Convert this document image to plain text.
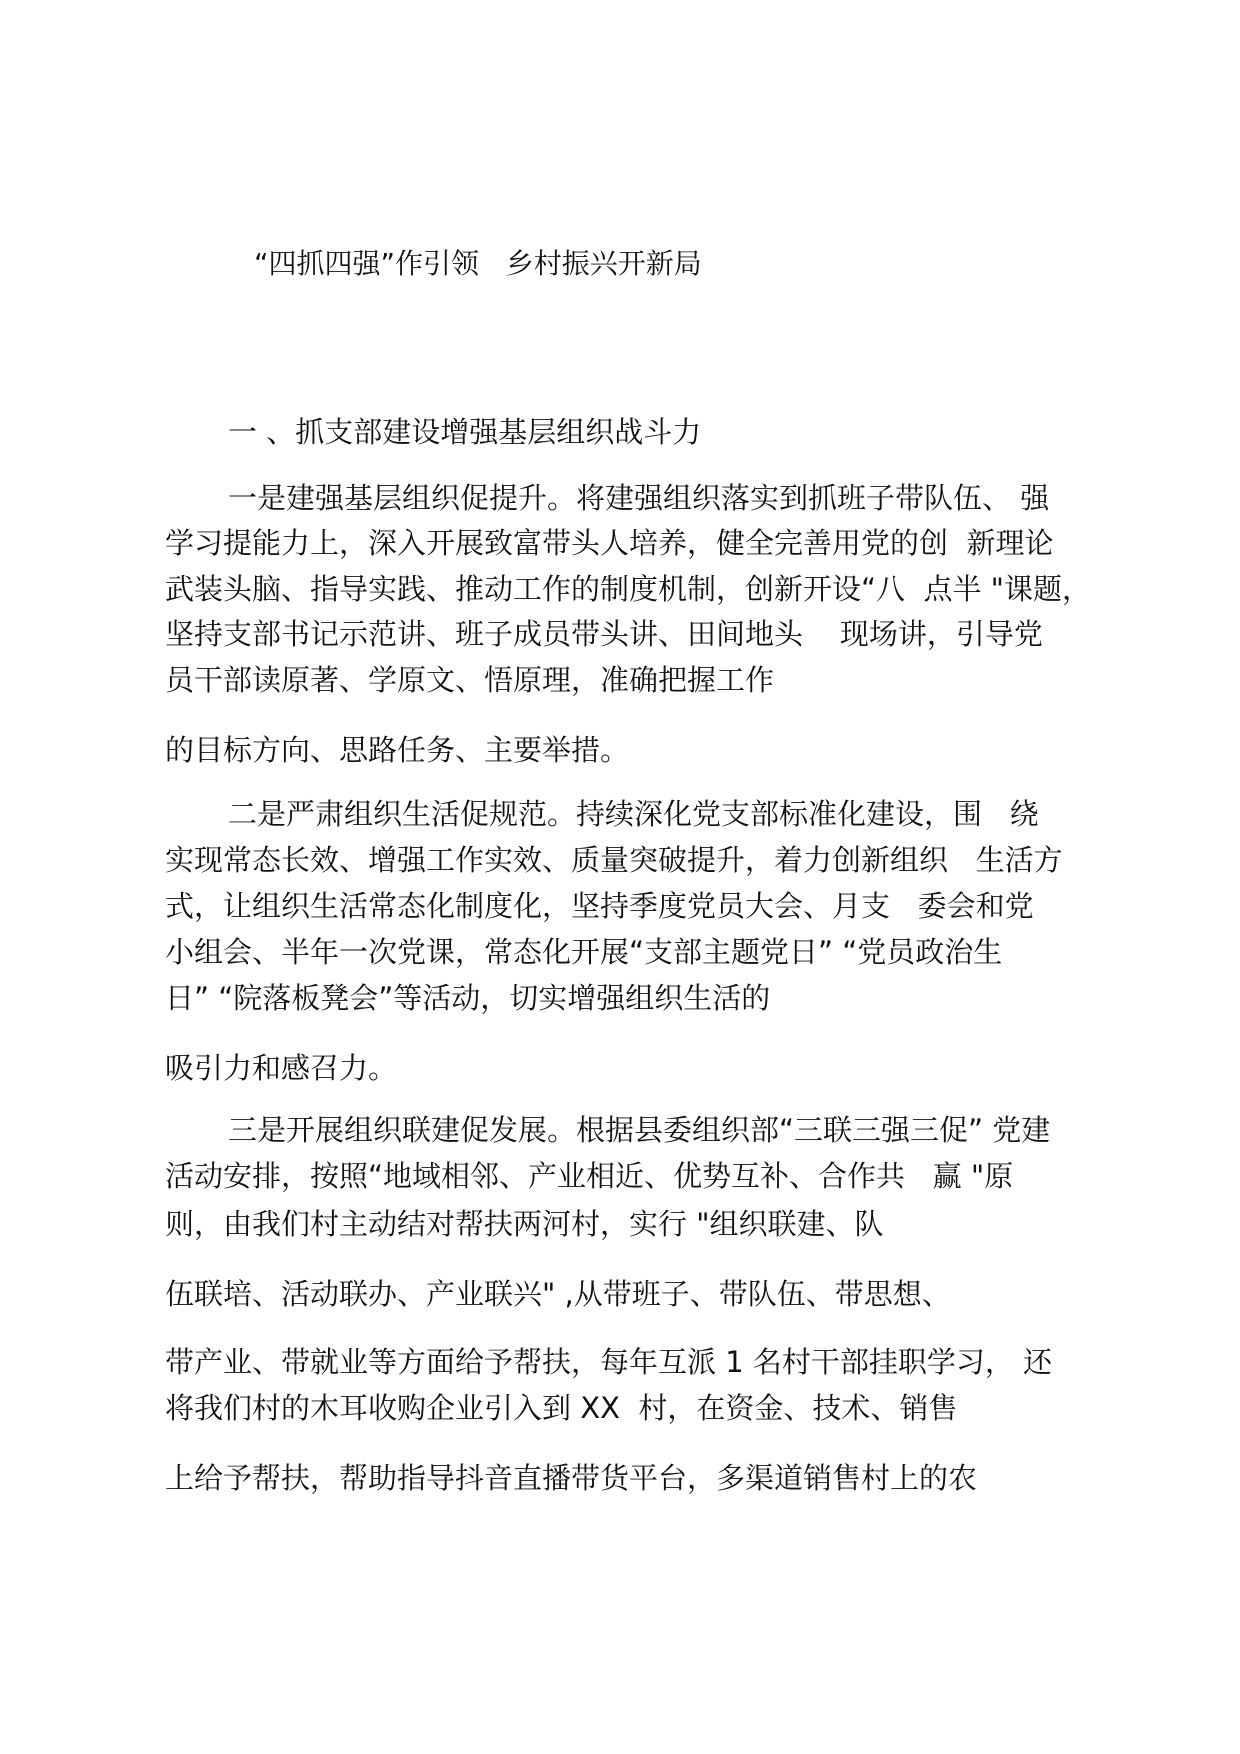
“四抓四强”作引领   乡村振兴开新局
一 、抓支部建设增强基层组织战斗力
一是建强基层组织促提升。将建强组织落实到抓班子带队伍、 强
学习提能力上，深入开展致富带头人培养，健全完善用党的创  新理论
武装头脑、指导实践、推动工作的制度机制，创新开设“八  点半 "课题，
坚持支部书记示范讲、班子成员带头讲、田间地头    现场讲，引导党
员干部读原著、学原文、悟原理，准确把握工作
的目标方向、思路任务、主要举措。
二是严肃组织生活促规范。持续深化党支部标准化建设，围   绕
实现常态长效、增强工作实效、质量突破提升，着力创新组织   生活方
式，让组织生活常态化制度化，坚持季度党员大会、月支   委会和党
小组会、半年一次党课，常态化开展“支部主题党日” “党员政治生
日” “院落板凳会”等活动，切实增强组织生活的
吸引力和感召力。
三是开展组织联建促发展。根据县委组织部“三联三强三促” 党建
活动安排，按照“地域相邻、产业相近、优势互补、合作共   赢 "原
则，由我们村主动结对帮扶两河村，实行 "组织联建、队
伍联培、活动联办、产业联兴" ,从带班子、带队伍、带思想、
带产业、带就业等方面给予帮扶，每年互派 1 名村干部挂职学习， 还
将我们村的木耳收购企业引入到 XX  村，在资金、技术、销售
上给予帮扶，帮助指导抖音直播带货平台，多渠道销售村上的农
